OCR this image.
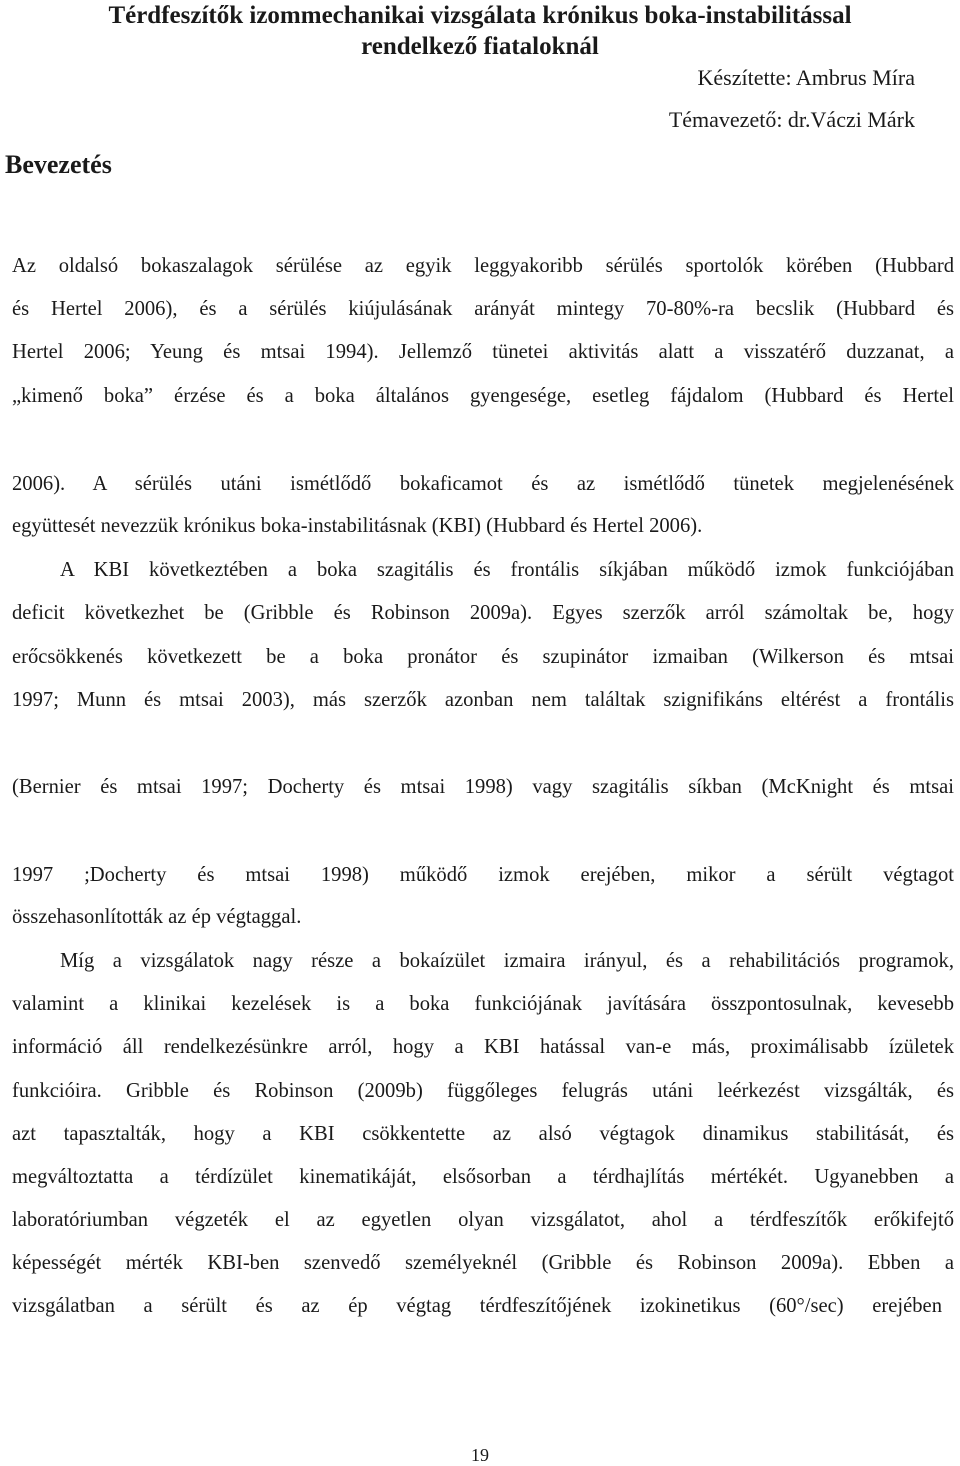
Térdfeszítők izommechanikai vizsgálata krónikus boka-instabilitással
rendelkező fiataloknál
Készítette: Ambrus Míra
Témavezető: dr.Váczi Márk
Bevezetés
Az oldalsó bokaszalagok sérülése az egyik leggyakoribb sérülés sportolók körében (Hubbard
és Hertel 2006), és a sérülés kiújulásának arányát mintegy 70-80%-ra becslik (Hubbard és
Hertel 2006; Yeung és mtsai 1994). Jellemző tünetei aktivitás alatt a visszatérő duzzanat, a
„kimenő boka” érzése és a boka általános gyengesége, esetleg fájdalom (Hubbard és Hertel
2006). A sérülés utáni ismétlődő bokaficamot és az ismétlődő tünetek megjelenésének
együttesét nevezzük krónikus boka-instabilitásnak (KBI) (Hubbard és Hertel 2006).
A KBI következtében a boka szagitális és frontális síkjában működő izmok funkciójában
deficit következhet be (Gribble és Robinson 2009a). Egyes szerzők arról számoltak be, hogy
erőcsökkenés következett be a boka pronátor és szupinátor izmaiban (Wilkerson és mtsai
1997; Munn és mtsai 2003), más szerzők azonban nem találtak szignifikáns eltérést a frontális
(Bernier és mtsai 1997; Docherty és mtsai 1998) vagy szagitális síkban (McKnight és mtsai
1997 ;Docherty és mtsai 1998) működő izmok erejében, mikor a sérült végtagot
összehasonlították az ép végtaggal.
Míg a vizsgálatok nagy része a bokaízület izmaira irányul, és a rehabilitációs programok,
valamint a klinikai kezelések is a boka funkciójának javítására összpontosulnak, kevesebb
információ áll rendelkezésünkre arról, hogy a KBI hatással van-e más, proximálisabb ízületek
funkcióira. Gribble és Robinson (2009b) függőleges felugrás utáni leérkezést vizsgálták, és
azt tapasztalták, hogy a KBI csökkentette az alsó végtagok dinamikus stabilitását, és
megváltoztatta a térdízület kinematikáját, elsősorban a térdhajlítás mértékét. Ugyanebben a
laboratóriumban végzeték el az egyetlen olyan vizsgálatot, ahol a térdfeszítők erőkifejtő
képességét mérték KBI-ben szenvedő személyeknél (Gribble és Robinson 2009a). Ebben a
vizsgálatban a sérült és az ép végtag térdfeszítőjének izokinetikus (60°/sec) erejében
19
